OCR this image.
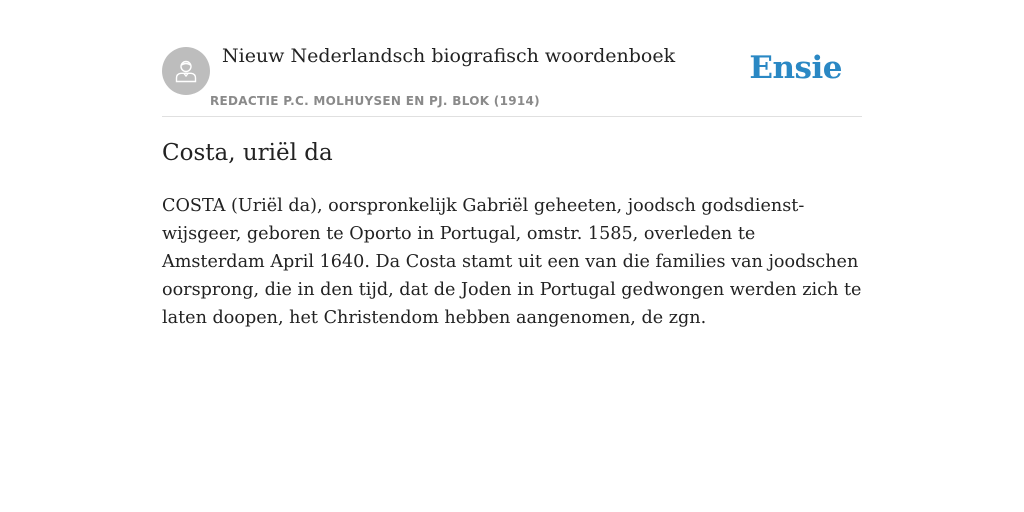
Nieuw Nederlandsch biografisch woordenboek
REDACTIE P.C. MOLHUYSEN EN PJ. BLOK (1914)
Ensie
Costa, uriël da

COSTA (Uriël da), oorspronkelijk Gabriël geheeten, joodsch godsdienst-wijsgeer, geboren te Oporto in Portugal, omstr. 1585, overleden te Amsterdam April 1640. Da Costa stamt uit een van die families van joodschen oorsprong, die in den tijd, dat de Joden in Portugal gedwongen werden zich te laten doopen, het Christendom hebben aangenomen, de zgn.
